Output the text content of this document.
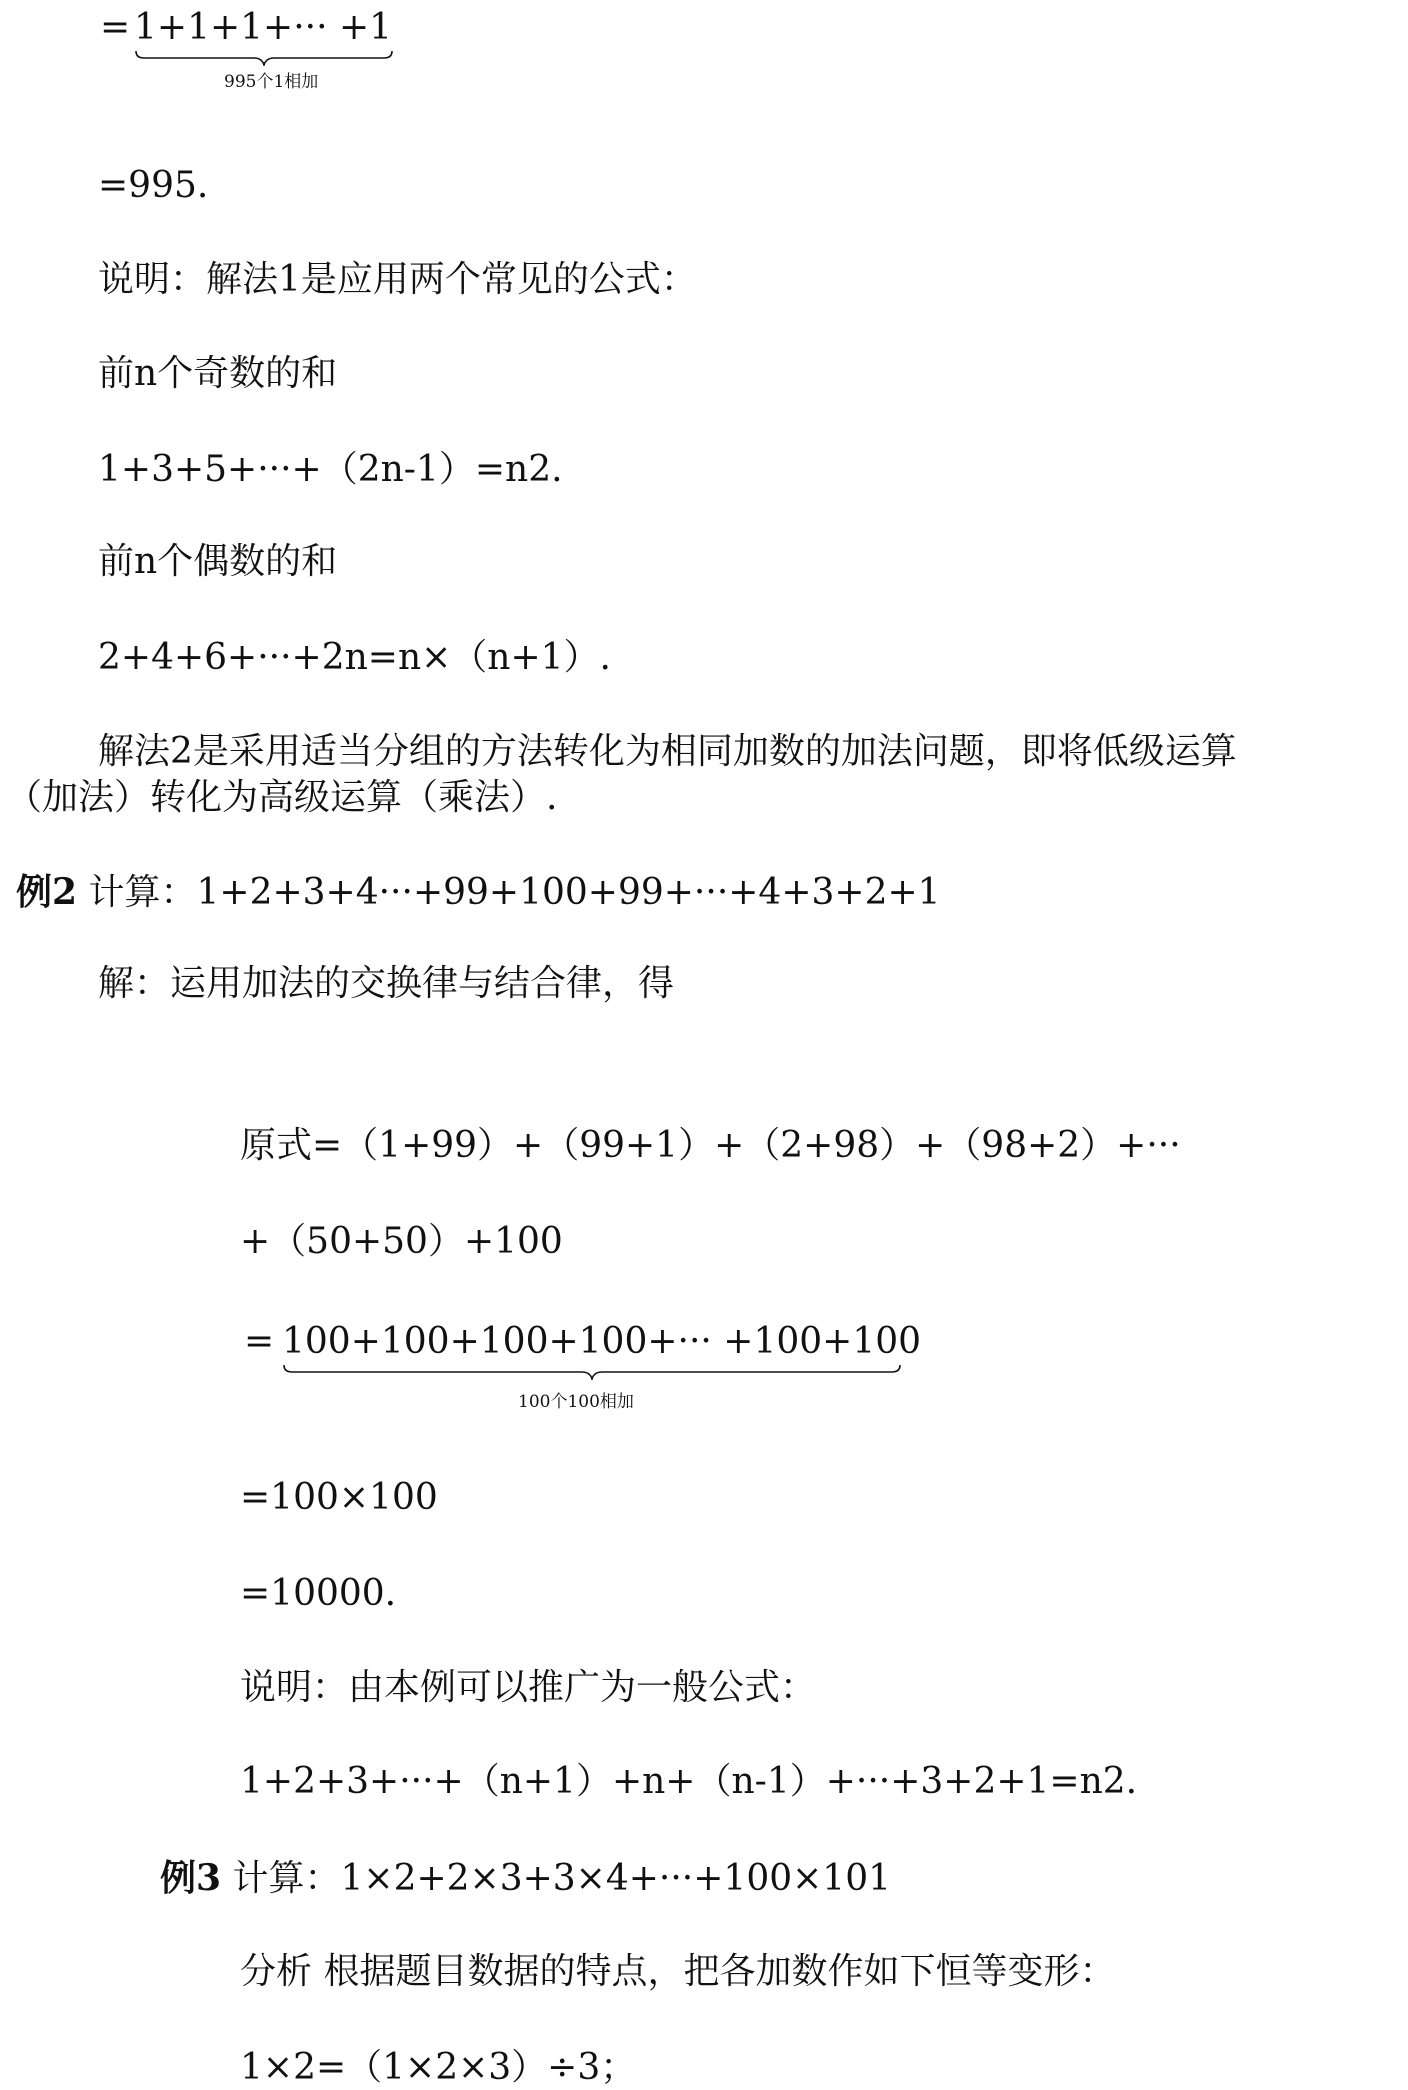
= 1+1+1+··· +1
995个1相加
=995.
说明：解法1是应用两个常见的公式：
前n个奇数的和
1+3+5+···+（2n-1）=n2.
前n个偶数的和
2+4+6+···+2n=n×（n+1）.
解法2是采用适当分组的方法转化为相同加数的加法问题，即将低级运算
（加法）转化为高级运算（乘法）.
例2 计算：1+2+3+4···+99+100+99+···+4+3+2+1
解：运用加法的交换律与结合律，得
原式=（1+99）+（99+1）+（2+98）+（98+2）+···
+（50+50）+100
= 100+100+100+100+··· +100+100
100个100相加
=100×100
=10000.
说明：由本例可以推广为一般公式：
1+2+3+···+（n+1）+n+（n-1）+···+3+2+1=n2.
例3 计算：1×2+2×3+3×4+···+100×101
分析 根据题目数据的特点，把各加数作如下恒等变形：
1×2=（1×2×3）÷3；
